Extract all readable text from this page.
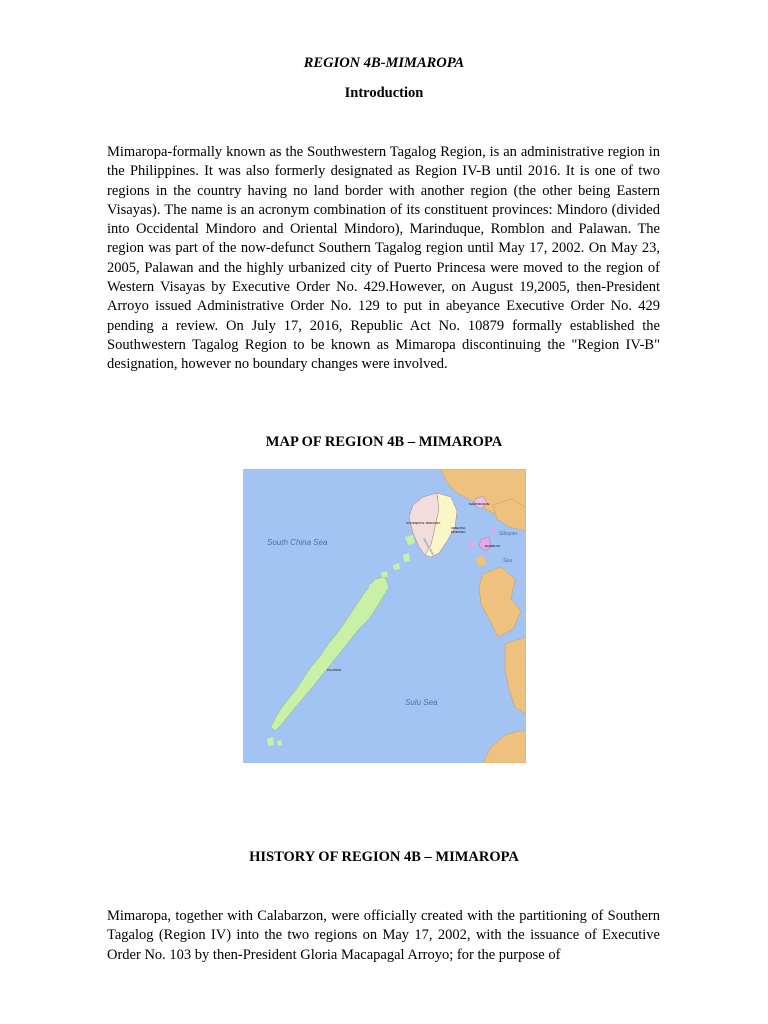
REGION 4B-MIMAROPA
Introduction

Mimaropa-formally known as the Southwestern Tagalog Region, is an administrative region in the Philippines. It was also formerly designated as Region IV-B until 2016. It is one of two regions in the country having no land border with another region (the other being Eastern Visayas). The name is an acronym combination of its constituent provinces: Mindoro (divided into Occidental Mindoro and Oriental Mindoro), Marinduque, Romblon and Palawan. The region was part of the now-defunct Southern Tagalog region until May 17, 2002. On May 23, 2005, Palawan and the highly urbanized city of Puerto Princesa were moved to the region of Western Visayas by Executive Order No. 429.However, on August 19,2005, then-President Arroyo issued Administrative Order No. 129 to put in abeyance Executive Order No. 429 pending a review. On July 17, 2016, Republic Act No. 10879 formally established the Southwestern Tagalog Region to be known as Mimaropa discontinuing the "Region IV-B" designation, however no boundary changes were involved.

MAP OF REGION 4B – MIMAROPA
South China Sea
Sulu Sea
Sibuyan
Sea
OCCIDENTAL MINDORO
ORIENTAL
MINDORO
MARINDUQUE
ROMBLON
PALAWAN
Mindoro Strait
HISTORY OF REGION 4B – MIMAROPA

Mimaropa, together with Calabarzon, were officially created with the partitioning of Southern Tagalog (Region IV) into the two regions on May 17, 2002, with the issuance of Executive Order No. 103 by then-President Gloria Macapagal Arroyo; for the purpose of
